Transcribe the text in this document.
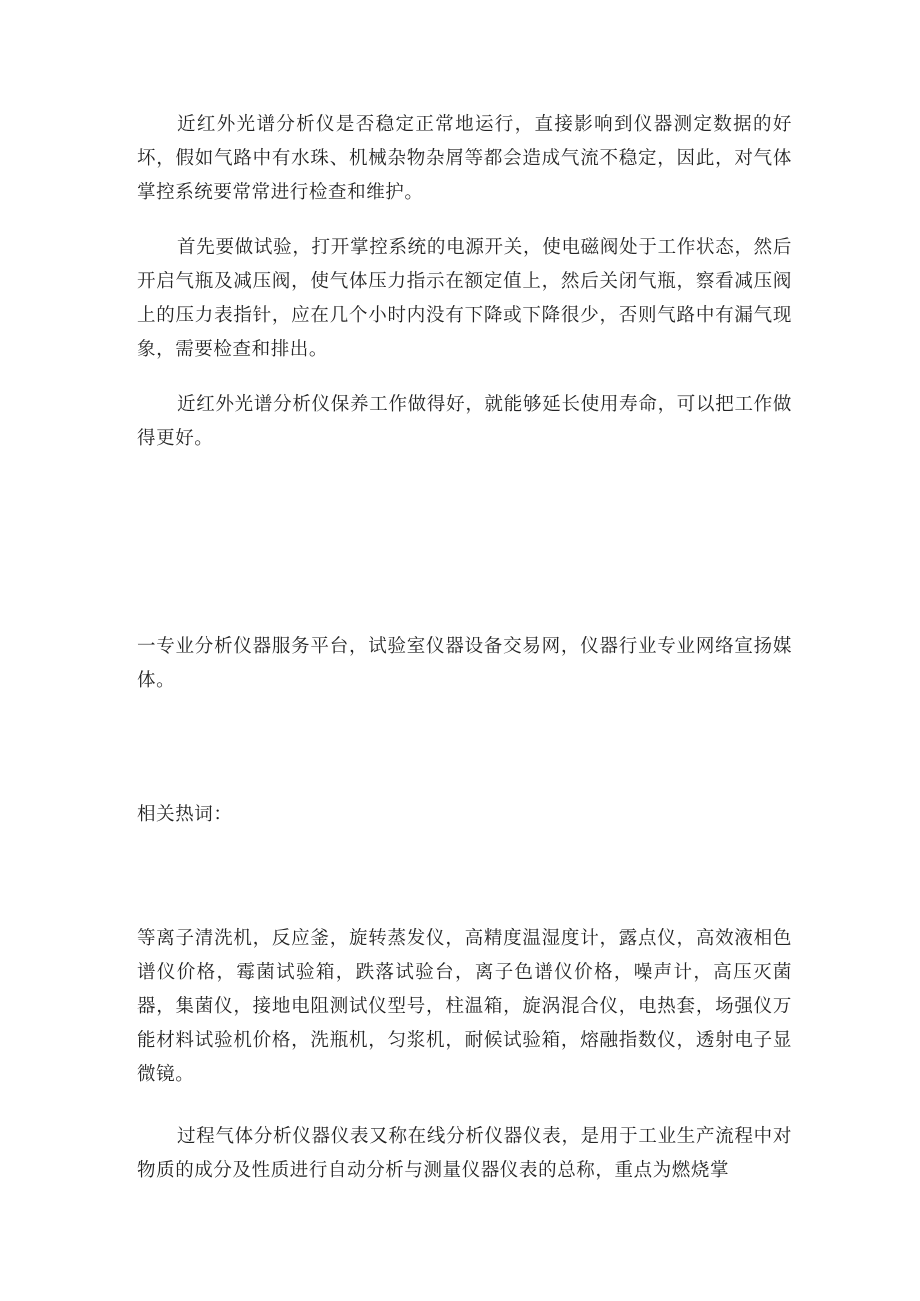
近红外光谱分析仪是否稳定正常地运行，直接影响到仪器测定数据的好坏，假如气路中有水珠、机械杂物杂屑等都会造成气流不稳定，因此，对气体掌控系统要常常进行检查和维护。

首先要做试验，打开掌控系统的电源开关，使电磁阀处于工作状态，然后开启气瓶及减压阀，使气体压力指示在额定值上，然后关闭气瓶，察看减压阀上的压力表指针，应在几个小时内没有下降或下降很少，否则气路中有漏气现象，需要检查和排出。

近红外光谱分析仪保养工作做得好，就能够延长使用寿命，可以把工作做得更好。

一专业分析仪器服务平台，试验室仪器设备交易网，仪器行业专业网络宣扬媒体。

相关热词：

等离子清洗机，反应釜，旋转蒸发仪，高精度温湿度计，露点仪，高效液相色谱仪价格，霉菌试验箱，跌落试验台，离子色谱仪价格，噪声计，高压灭菌器，集菌仪，接地电阻测试仪型号，柱温箱，旋涡混合仪，电热套，场强仪万能材料试验机价格，洗瓶机，匀浆机，耐候试验箱，熔融指数仪，透射电子显微镜。

过程气体分析仪器仪表又称在线分析仪器仪表，是用于工业生产流程中对物质的成分及性质进行自动分析与测量仪器仪表的总称，重点为燃烧掌
